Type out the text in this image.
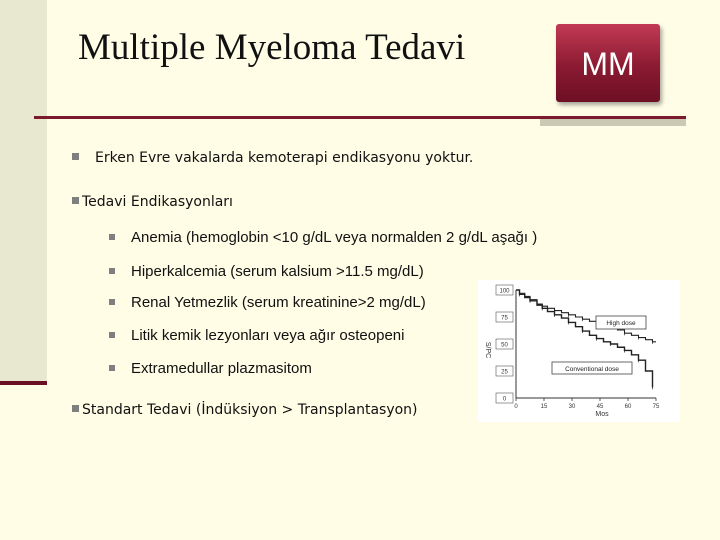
Multiple Myeloma Tedavi	MM
Erken Evre vakalarda kemoterapi endikasyonu yoktur.
Tedavi Endikasyonları
Anemia (hemoglobin <10 g/dL veya normalden 2 g/dL aşağı )
Hiperkalcemia (serum kalsium >11.5 mg/dL)
Renal Yetmezlik (serum kreatinine>2 mg/dL)
Litik kemik lezyonları veya ağır osteopeni
Extramedullar plazmasitom
Standart Tedavi (İndüksiyon > Transplantasyon)
100
75
50
25
0
0	15	30	45	60	75
High dose
Conventional dose
S/PC
Mos
